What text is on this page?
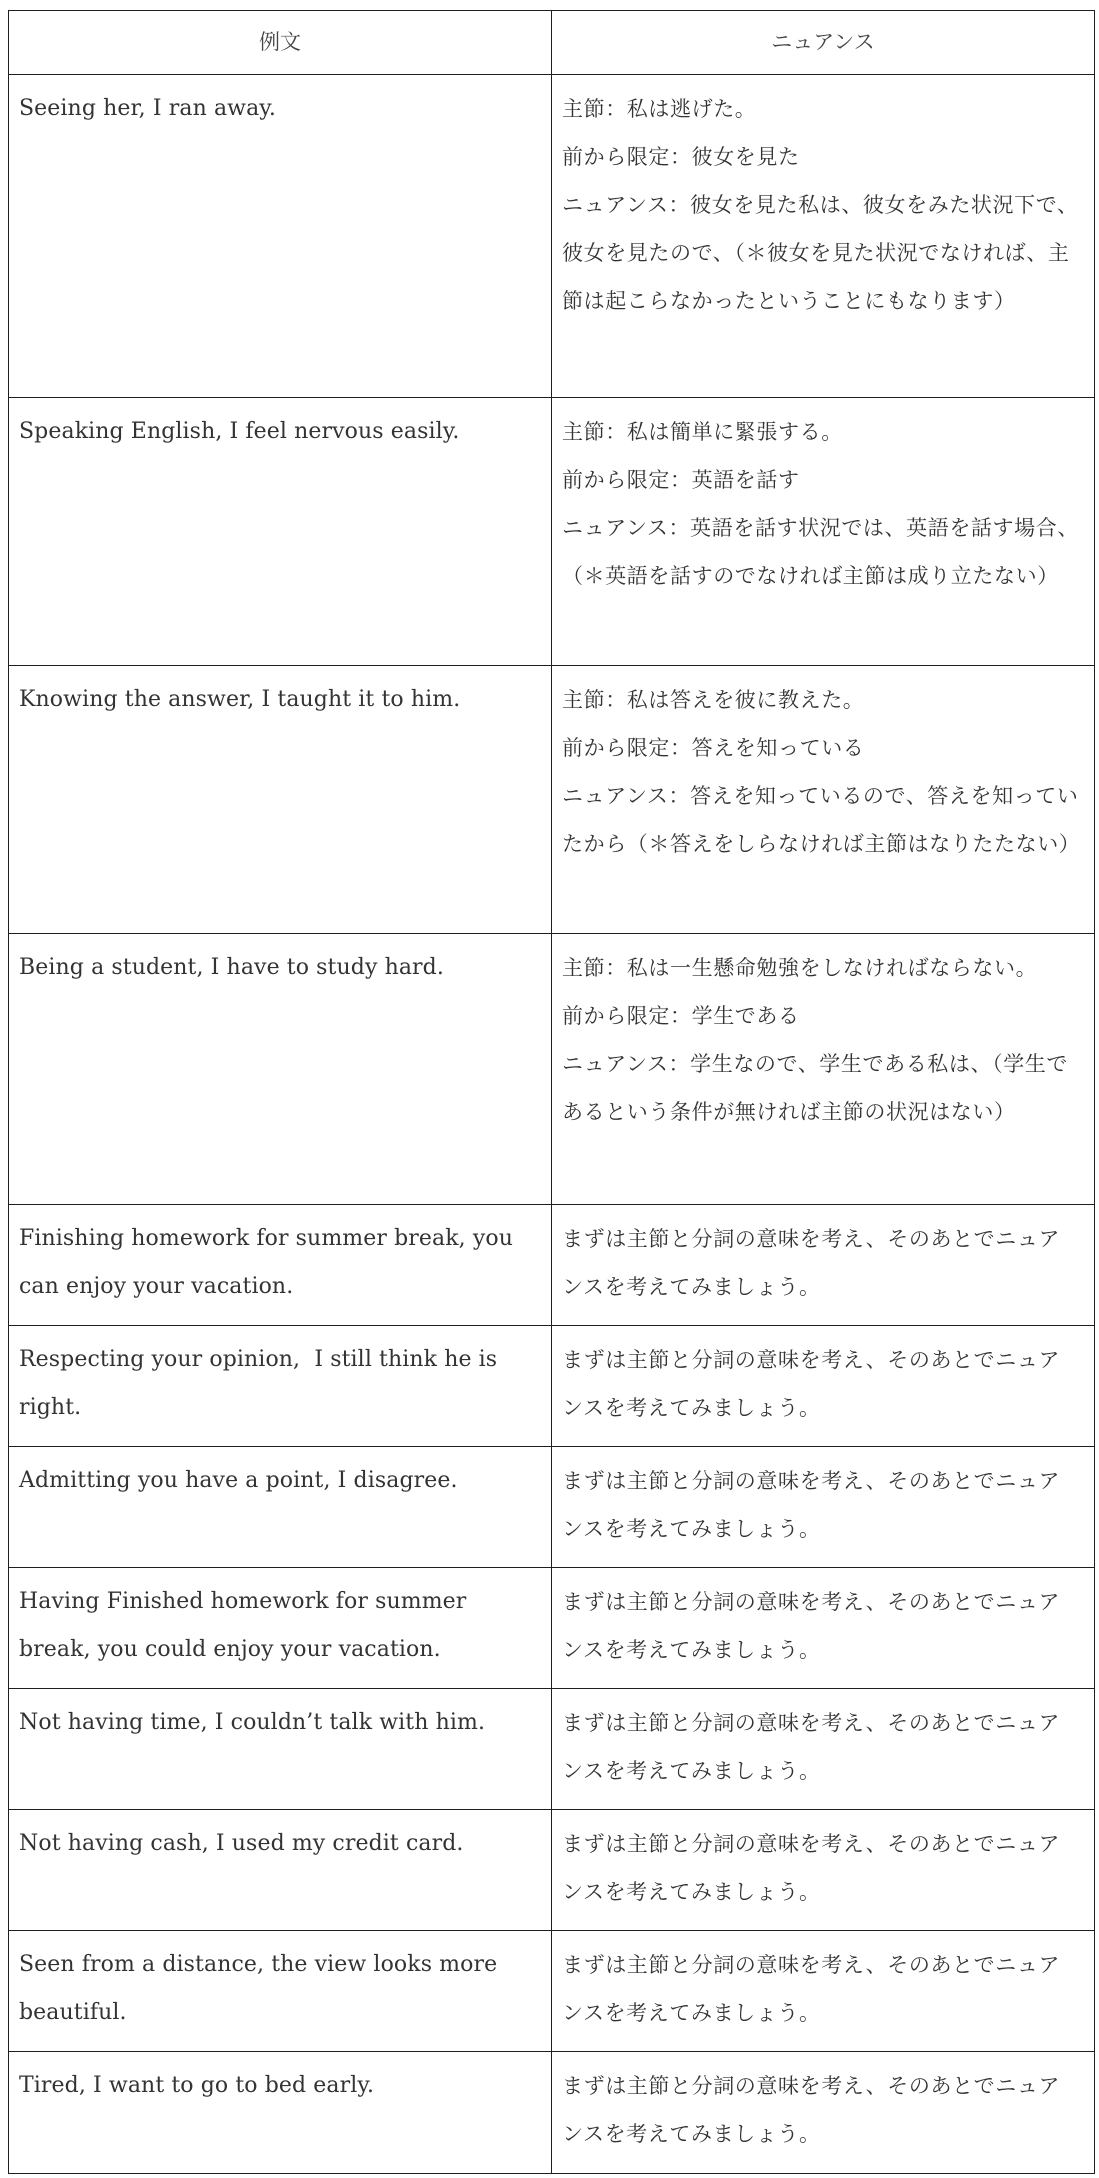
例文	ニュアンス

Seeing her, I ran away.	主節：私は逃げた。
前から限定：彼女を見た
ニュアンス：彼女を見た私は、彼女をみた状況下で、彼女を見たので、（＊彼女を見た状況でなければ、主節は起こらなかったということにもなります）

Speaking English, I feel nervous easily.	主節：私は簡単に緊張する。
前から限定：英語を話す
ニュアンス：英語を話す状況では、英語を話す場合、（＊英語を話すのでなければ主節は成り立たない）

Knowing the answer, I taught it to him.	主節：私は答えを彼に教えた。
前から限定：答えを知っている
ニュアンス：答えを知っているので、答えを知っていたから（＊答えをしらなければ主節はなりたたない）

Being a student, I have to study hard.	主節：私は一生懸命勉強をしなければならない。
前から限定：学生である
ニュアンス：学生なので、学生である私は、（学生であるという条件が無ければ主節の状況はない）

Finishing homework for summer break, you can enjoy your vacation.	まずは主節と分詞の意味を考え、そのあとでニュアンスを考えてみましょう。

Respecting your opinion,  I still think he is right.	まずは主節と分詞の意味を考え、そのあとでニュアンスを考えてみましょう。

Admitting you have a point, I disagree.	まずは主節と分詞の意味を考え、そのあとでニュアンスを考えてみましょう。

Having Finished homework for summer break, you could enjoy your vacation.	まずは主節と分詞の意味を考え、そのあとでニュアンスを考えてみましょう。

Not having time, I couldn’t talk with him.	まずは主節と分詞の意味を考え、そのあとでニュアンスを考えてみましょう。

Not having cash, I used my credit card.	まずは主節と分詞の意味を考え、そのあとでニュアンスを考えてみましょう。

Seen from a distance, the view looks more beautiful.	まずは主節と分詞の意味を考え、そのあとでニュアンスを考えてみましょう。

Tired, I want to go to bed early.	まずは主節と分詞の意味を考え、そのあとでニュアンスを考えてみましょう。
